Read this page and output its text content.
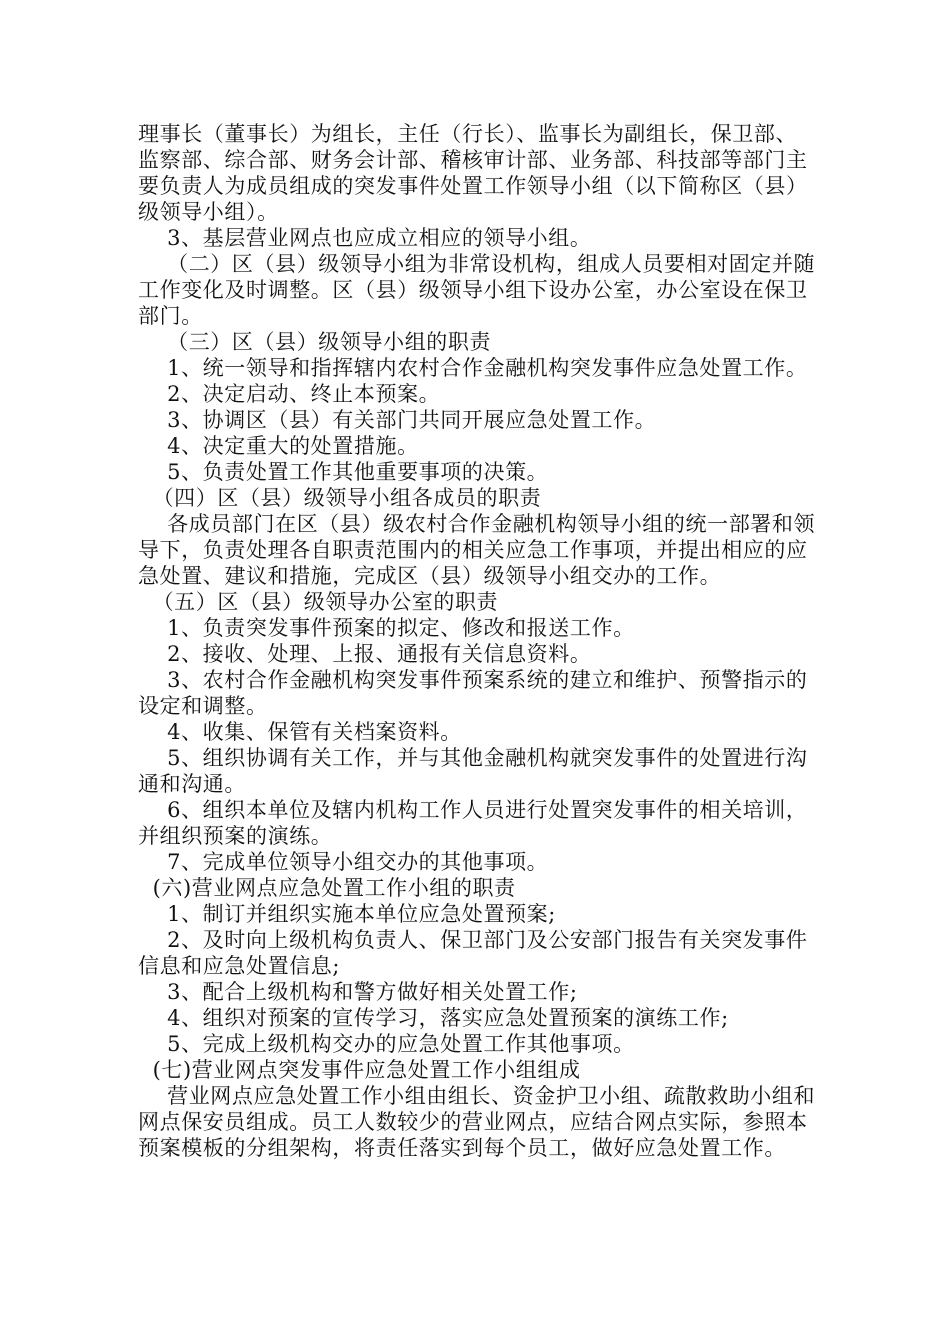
理事长（董事长）为组长，主任（行长）、监事长为副组长，保卫部、监察部、综合部、财务会计部、稽核审计部、业务部、科技部等部门主要负责人为成员组成的突发事件处置工作领导小组（以下简称区（县）级领导小组）。

3、基层营业网点也应成立相应的领导小组。

（二）区（县）级领导小组为非常设机构，组成人员要相对固定并随工作变化及时调整。区（县）级领导小组下设办公室，办公室设在保卫部门。

（三）区（县）级领导小组的职责

1、统一领导和指挥辖内农村合作金融机构突发事件应急处置工作。

2、决定启动、终止本预案。

3、协调区（县）有关部门共同开展应急处置工作。

4、决定重大的处置措施。

5、负责处置工作其他重要事项的决策。

（四）区（县）级领导小组各成员的职责

各成员部门在区（县）级农村合作金融机构领导小组的统一部署和领导下，负责处理各自职责范围内的相关应急工作事项，并提出相应的应急处置、建议和措施，完成区（县）级领导小组交办的工作。

（五）区（县）级领导办公室的职责

1、负责突发事件预案的拟定、修改和报送工作。

2、接收、处理、上报、通报有关信息资料。

3、农村合作金融机构突发事件预案系统的建立和维护、预警指示的设定和调整。

4、收集、保管有关档案资料。

5、组织协调有关工作，并与其他金融机构就突发事件的处置进行沟通和沟通。

6、组织本单位及辖内机构工作人员进行处置突发事件的相关培训，并组织预案的演练。

7、完成单位领导小组交办的其他事项。

(六)营业网点应急处置工作小组的职责

1、制订并组织实施本单位应急处置预案;

2、及时向上级机构负责人、保卫部门及公安部门报告有关突发事件信息和应急处置信息;

3、配合上级机构和警方做好相关处置工作;

4、组织对预案的宣传学习，落实应急处置预案的演练工作;

5、完成上级机构交办的应急处置工作其他事项。

(七)营业网点突发事件应急处置工作小组组成

营业网点应急处置工作小组由组长、资金护卫小组、疏散救助小组和网点保安员组成。员工人数较少的营业网点，应结合网点实际，参照本预案模板的分组架构，将责任落实到每个员工，做好应急处置工作。
